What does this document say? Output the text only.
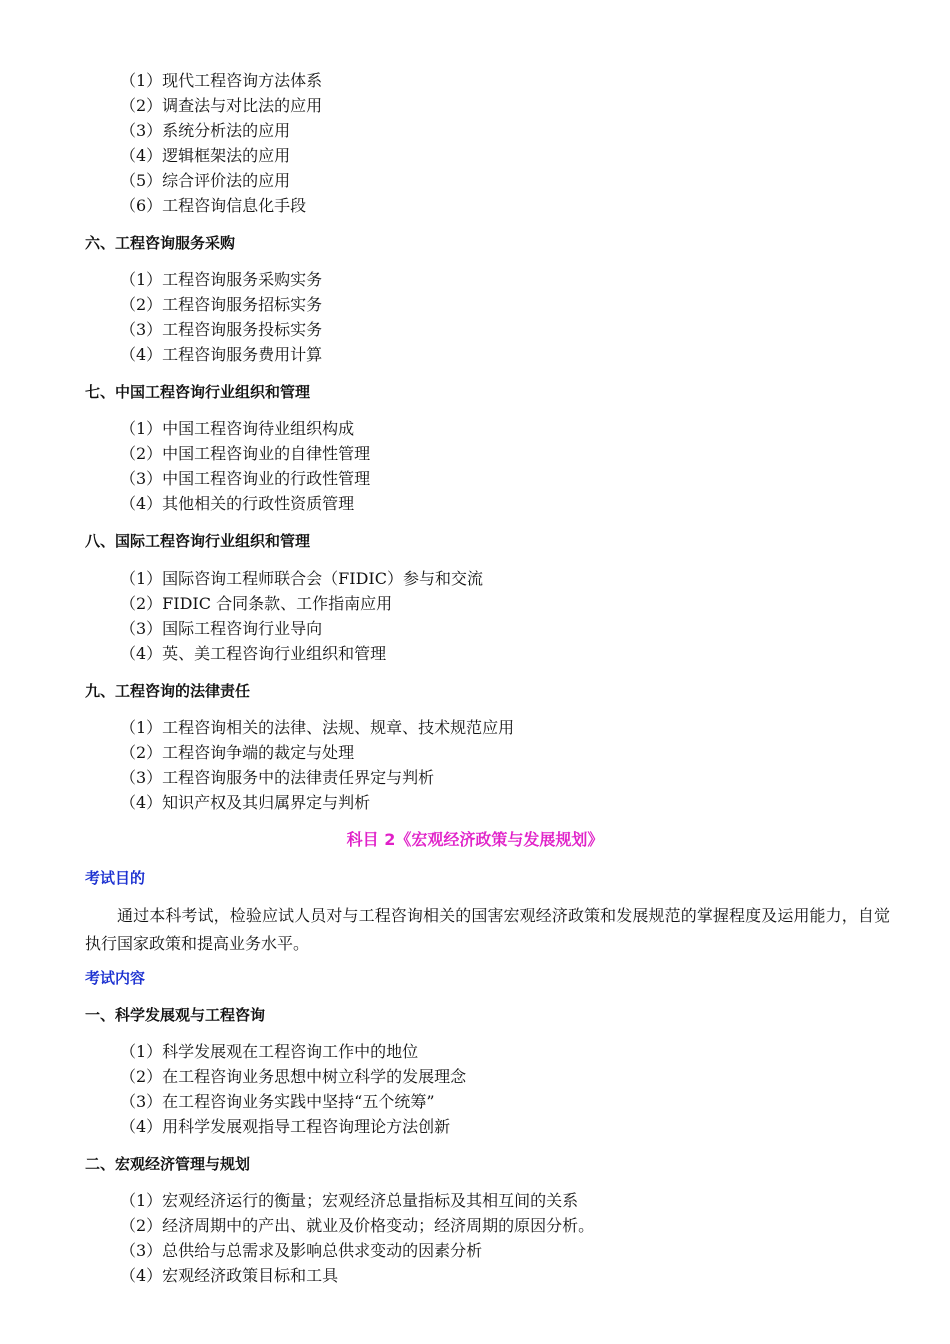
（1）现代工程咨询方法体系
（2）调查法与对比法的应用
（3）系统分析法的应用
（4）逻辑框架法的应用
（5）综合评价法的应用
（6）工程咨询信息化手段
六、工程咨询服务采购
（1）工程咨询服务采购实务
（2）工程咨询服务招标实务
（3）工程咨询服务投标实务
（4）工程咨询服务费用计算
七、中国工程咨询行业组织和管理
（1）中国工程咨询待业组织构成
（2）中国工程咨询业的自律性管理
（3）中国工程咨询业的行政性管理
（4）其他相关的行政性资质管理
八、国际工程咨询行业组织和管理
（1）国际咨询工程师联合会（FIDIC）参与和交流
（2）FIDIC 合同条款、工作指南应用
（3）国际工程咨询行业导向
（4）英、美工程咨询行业组织和管理
九、工程咨询的法律责任
（1）工程咨询相关的法律、法规、规章、技术规范应用
（2）工程咨询争端的裁定与处理
（3）工程咨询服务中的法律责任界定与判析
（4）知识产权及其归属界定与判析
科目 2《宏观经济政策与发展规划》
考试目的

通过本科考试，检验应试人员对与工程咨询相关的国害宏观经济政策和发展规范的掌握程度及运用能力，自觉执行国家政策和提高业务水平。

考试内容
一、科学发展观与工程咨询
（1）科学发展观在工程咨询工作中的地位
（2）在工程咨询业务思想中树立科学的发展理念
（3）在工程咨询业务实践中坚持“五个统筹”
（4）用科学发展观指导工程咨询理论方法创新
二、宏观经济管理与规划
（1）宏观经济运行的衡量；宏观经济总量指标及其相互间的关系
（2）经济周期中的产出、就业及价格变动；经济周期的原因分析。
（3）总供给与总需求及影响总供求变动的因素分析
（4）宏观经济政策目标和工具
